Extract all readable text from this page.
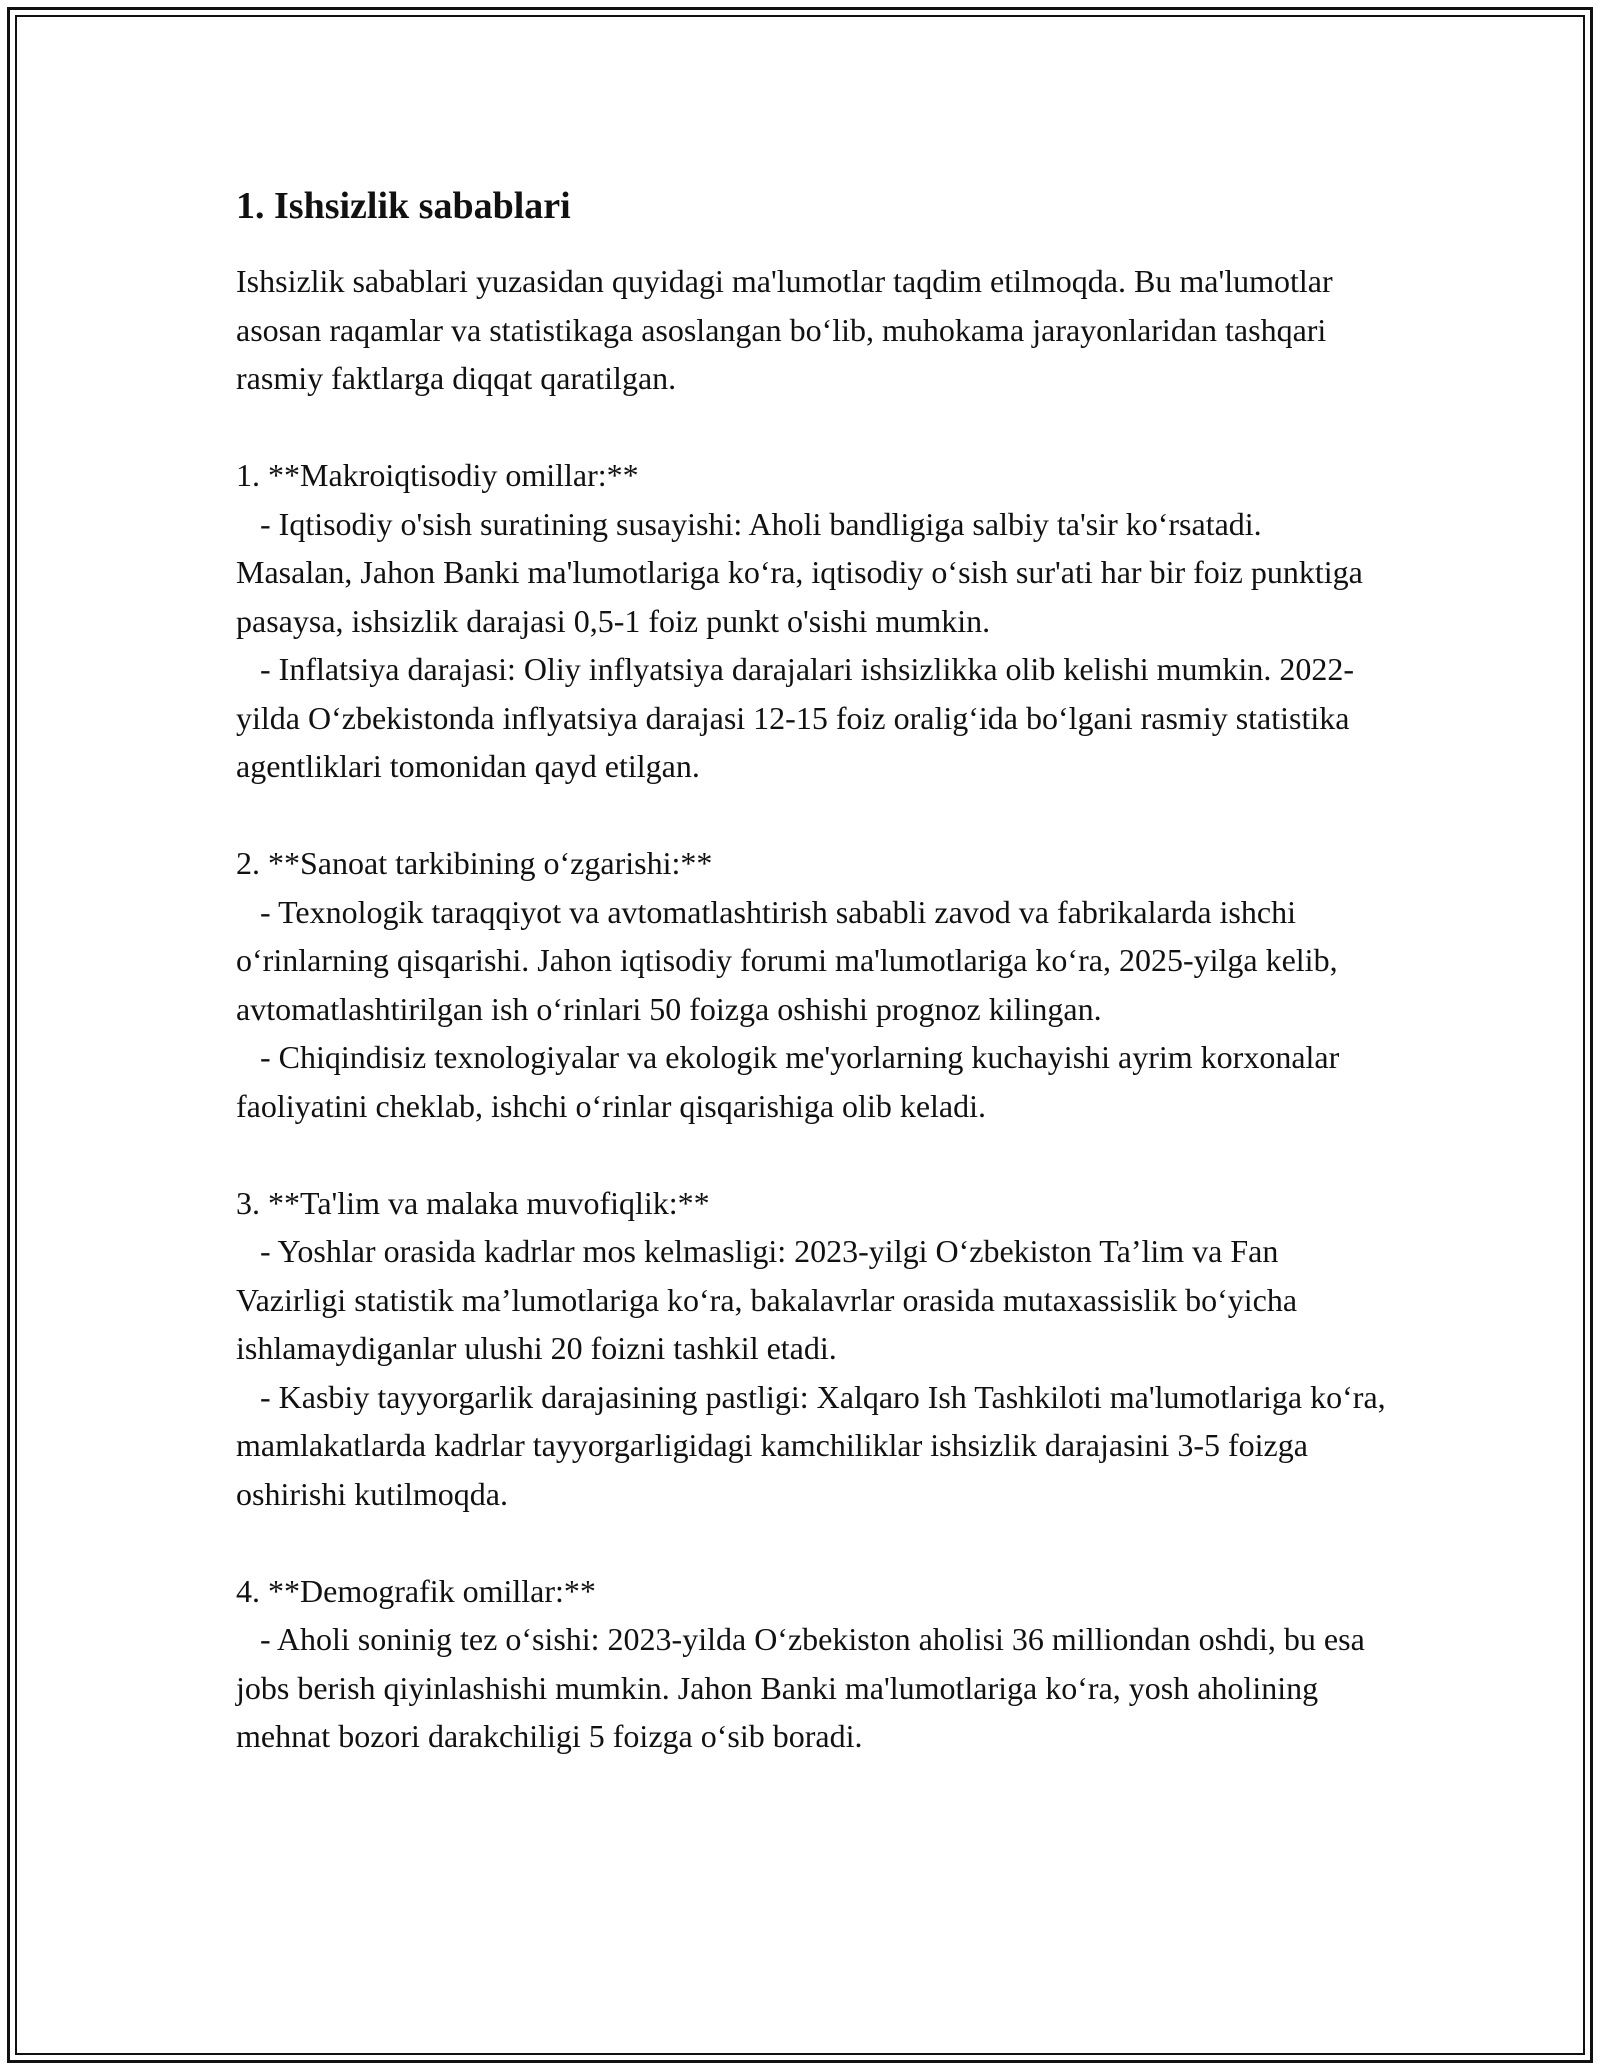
1. Ishsizlik sabablari

Ishsizlik sabablari yuzasidan quyidagi ma'lumotlar taqdim etilmoqda. Bu ma'lumotlar asosan raqamlar va statistikaga asoslangan bo‘lib, muhokama jarayonlaridan tashqari rasmiy faktlarga diqqat qaratilgan.

1. **Makroiqtisodiy omillar:**

- Iqtisodiy o'sish suratining susayishi: Aholi bandligiga salbiy ta'sir ko‘rsatadi. Masalan, Jahon Banki ma'lumotlariga ko‘ra, iqtisodiy o‘sish sur'ati har bir foiz punktiga pasaysa, ishsizlik darajasi 0,5-1 foiz punkt o'sishi mumkin.

- Inflatsiya darajasi: Oliy inflyatsiya darajalari ishsizlikka olib kelishi mumkin. 2022-yilda O‘zbekistonda inflyatsiya darajasi 12-15 foiz oralig‘ida bo‘lgani rasmiy statistika agentliklari tomonidan qayd etilgan.

2. **Sanoat tarkibining o‘zgarishi:**

- Texnologik taraqqiyot va avtomatlashtirish sababli zavod va fabrikalarda ishchi o‘rinlarning qisqarishi. Jahon iqtisodiy forumi ma'lumotlariga ko‘ra, 2025-yilga kelib, avtomatlashtirilgan ish o‘rinlari 50 foizga oshishi prognoz kilingan.

- Chiqindisiz texnologiyalar va ekologik me'yorlarning kuchayishi ayrim korxonalar faoliyatini cheklab, ishchi o‘rinlar qisqarishiga olib keladi.

3. **Ta'lim va malaka muvofiqlik:**

- Yoshlar orasida kadrlar mos kelmasligi: 2023-yilgi O‘zbekiston Ta’lim va Fan Vazirligi statistik ma’lumotlariga ko‘ra, bakalavrlar orasida mutaxassislik bo‘yicha ishlamaydiganlar ulushi 20 foizni tashkil etadi.

- Kasbiy tayyorgarlik darajasining pastligi: Xalqaro Ish Tashkiloti ma'lumotlariga ko‘ra, mamlakatlarda kadrlar tayyorgarligidagi kamchiliklar ishsizlik darajasini 3-5 foizga oshirishi kutilmoqda.

4. **Demografik omillar:**

- Aholi soninig tez o‘sishi: 2023-yilda O‘zbekiston aholisi 36 milliondan oshdi, bu esa jobs berish qiyinlashishi mumkin. Jahon Banki ma'lumotlariga ko‘ra, yosh aholining mehnat bozori darakchiligi 5 foizga o‘sib boradi.
